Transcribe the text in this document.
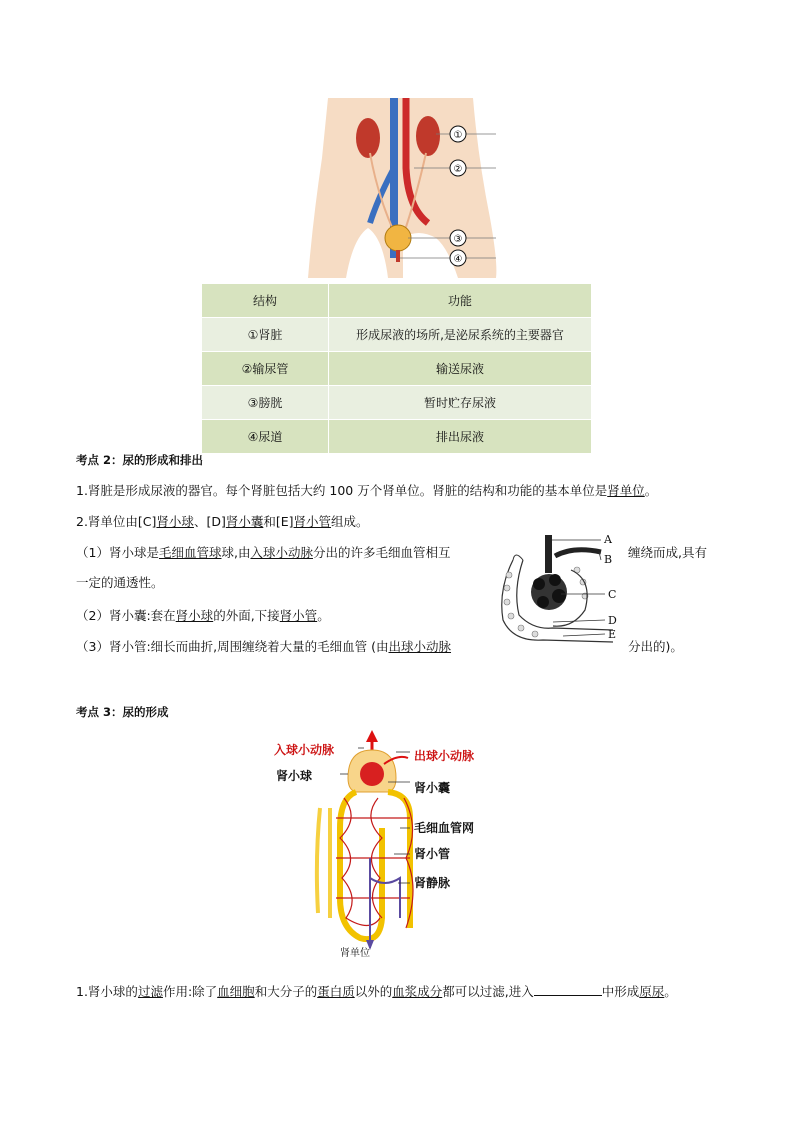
①
②
③
④
结构	功能
①肾脏	形成尿液的场所,是泌尿系统的主要器官
②输尿管	输送尿液
③膀胱	暂时贮存尿液
④尿道	排出尿液
考点 2：尿的形成和排出
1.肾脏是形成尿液的器官。每个肾脏包括大约 100 万个肾单位。肾脏的结构和功能的基本单位是肾单位。
2.肾单位由[C]肾小球、[D]肾小囊和[E]肾小管组成。
（1）肾小球是毛细血管球球,由入球小动脉分出的许多毛细血管相互	缠绕而成,具有
一定的通透性。
（2）肾小囊:套在肾小球的外面,下接肾小管。
（3）肾小管:细长而曲折,周围缠绕着大量的毛细血管 (由出球小动脉	分出的)。
A
B
C
D
E
考点 3：尿的形成
入球小动脉	出球小动脉
肾小球
肾小囊
毛细血管网
肾小管
肾静脉
肾单位
1.肾小球的过滤作用:除了血细胞和大分子的蛋白质以外的血浆成分都可以过滤,进入	中形成原尿。
